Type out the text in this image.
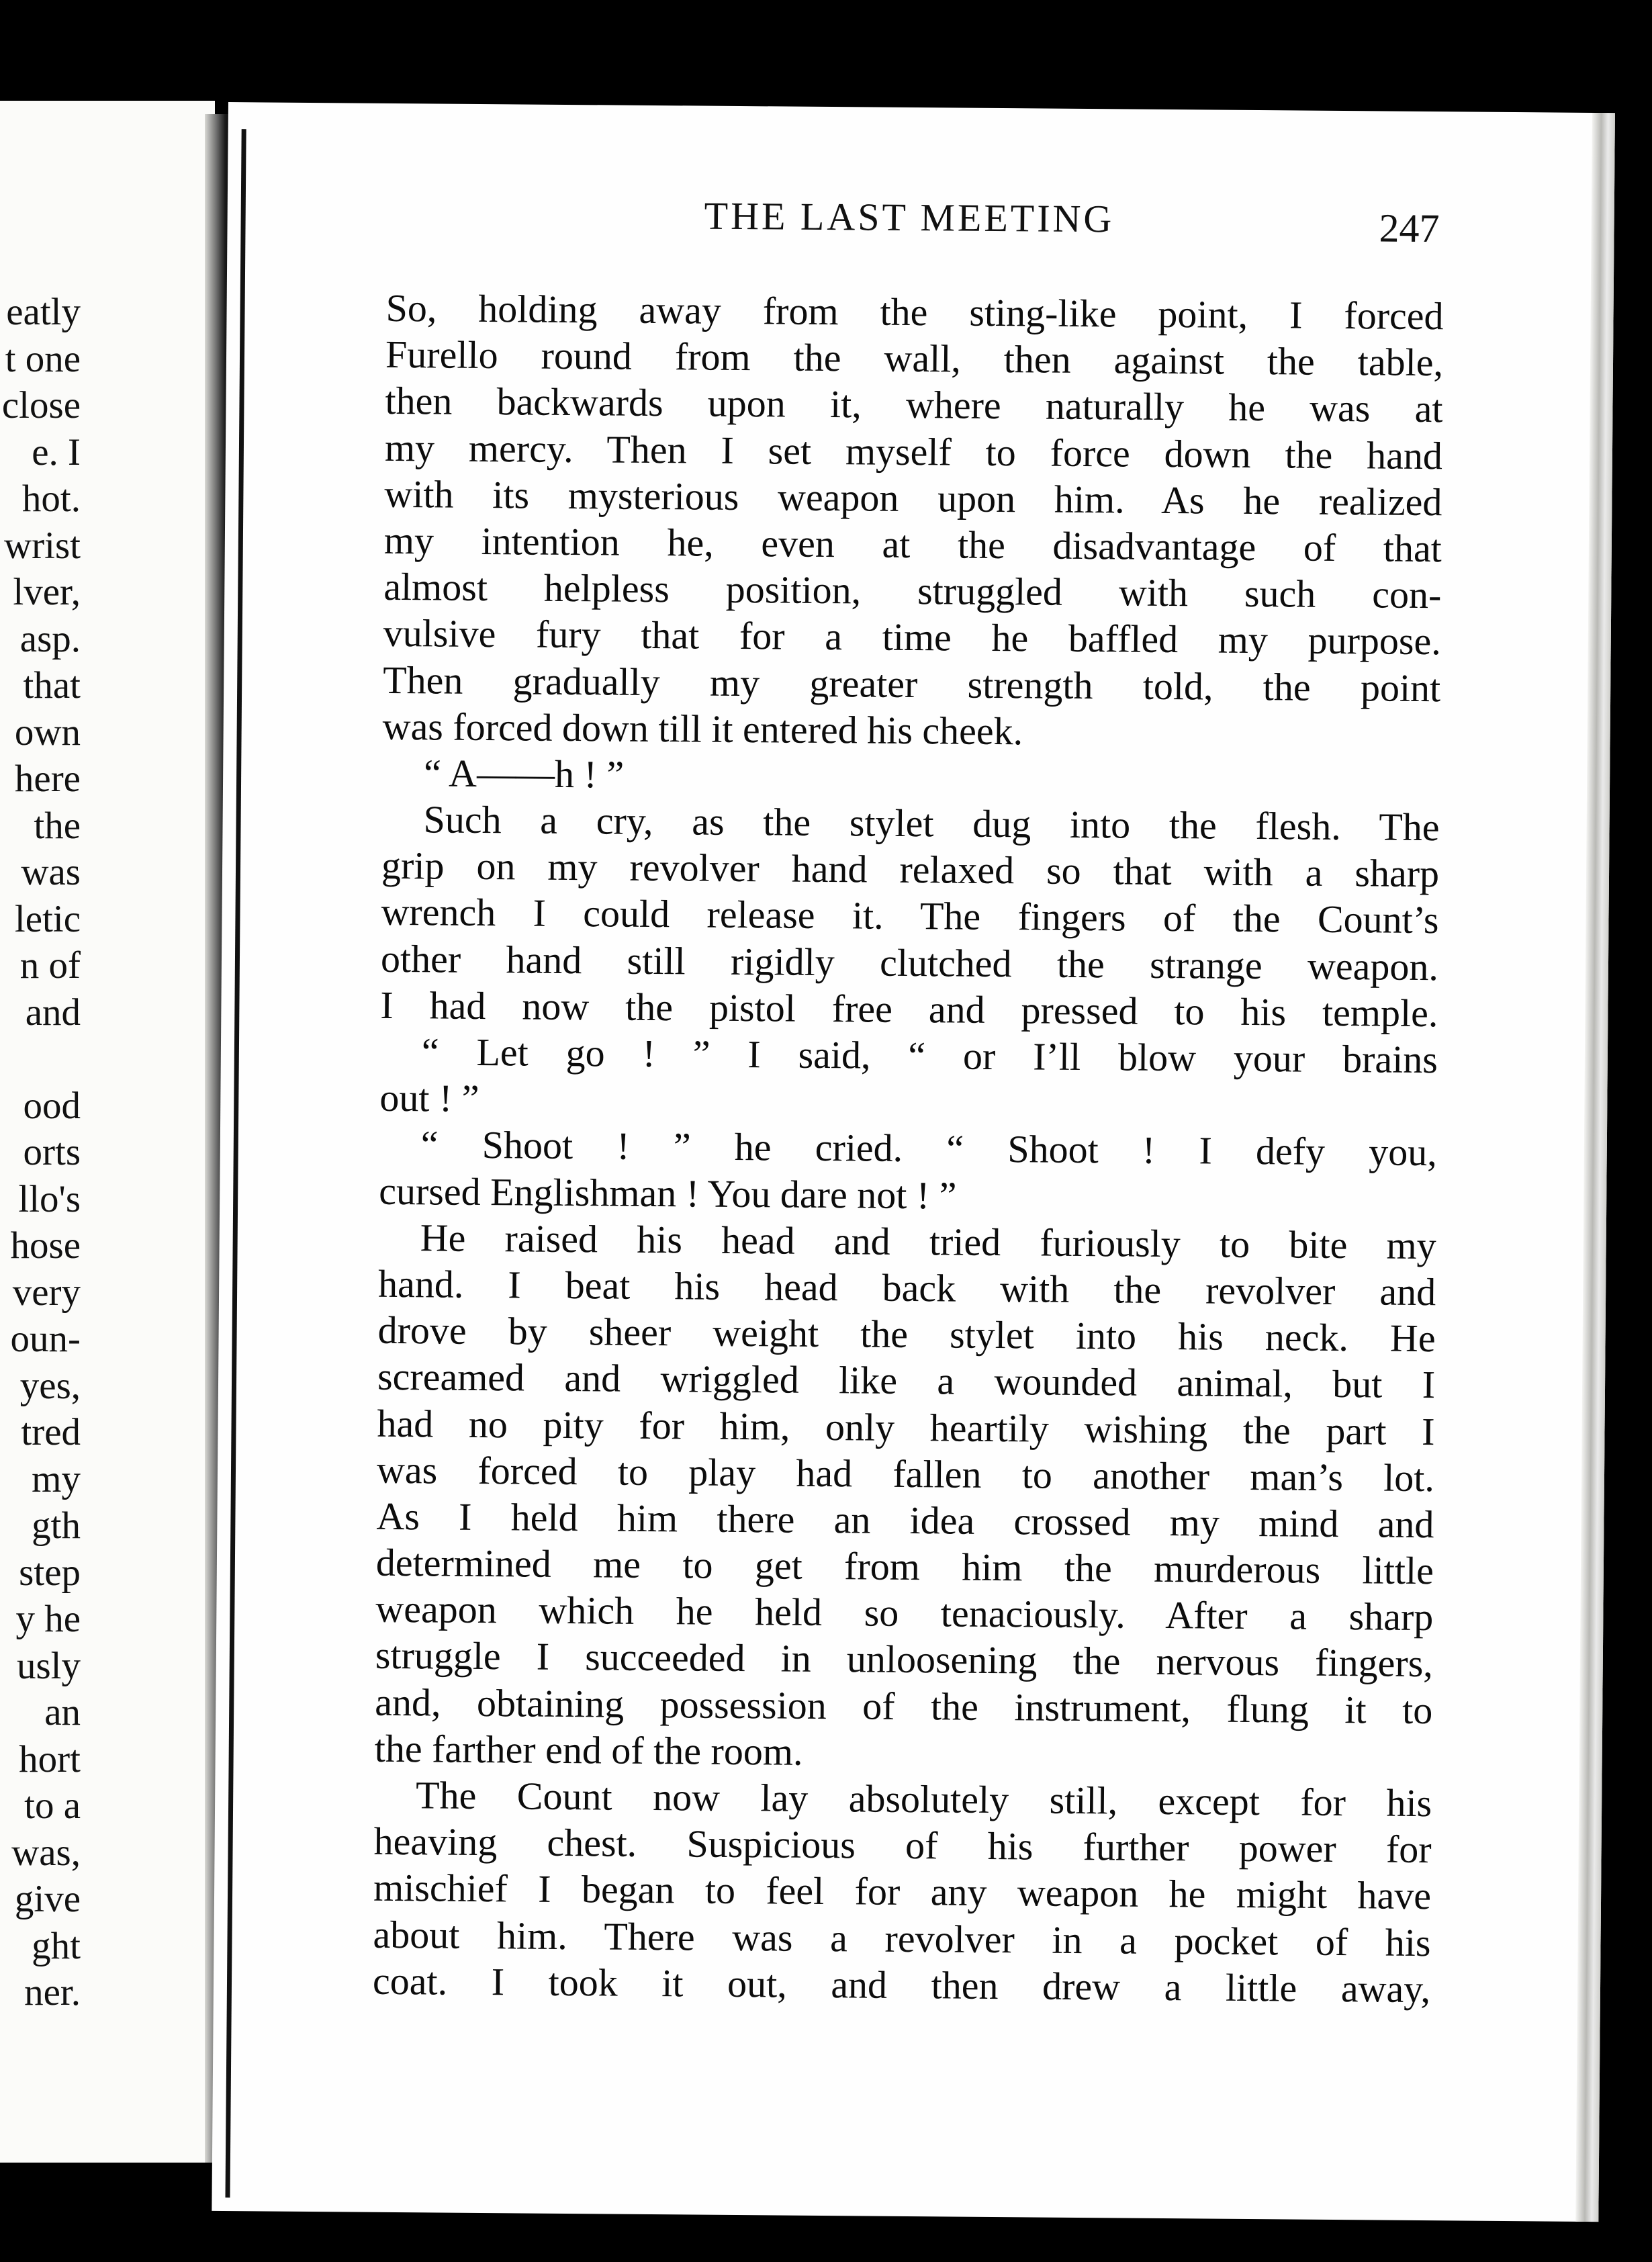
eatly
t one
close
e. I
hot.
wrist
lver,
asp.
that
own
here
the
was
letic
n of
and
ood
orts
llo's
hose
very
oun-
yes,
tred
my
gth
step
y he
usly
an
hort
to a
was,
give
ght
ner.
THE LAST MEETING	247
So, holding away from the sting-like point, I forced
Furello round from the wall, then against the table,
then backwards upon it, where naturally he was at
my mercy. Then I set myself to force down the hand
with its mysterious weapon upon him. As he realized
my intention he, even at the disadvantage of that
almost helpless position, struggled with such con-
vulsive fury that for a time he baffled my purpose.
Then gradually my greater strength told, the point
was forced down till it entered his cheek.
“ A——h ! ”
Such a cry, as the stylet dug into the flesh. The
grip on my revolver hand relaxed so that with a sharp
wrench I could release it. The fingers of the Count’s
other hand still rigidly clutched the strange weapon.
I had now the pistol free and pressed to his temple.
“ Let go ! ” I said, “ or I’ll blow your brains
out ! ”
“ Shoot ! ” he cried. “ Shoot ! I defy you,
cursed Englishman ! You dare not ! ”
He raised his head and tried furiously to bite my
hand. I beat his head back with the revolver and
drove by sheer weight the stylet into his neck. He
screamed and wriggled like a wounded animal, but I
had no pity for him, only heartily wishing the part I
was forced to play had fallen to another man’s lot.
As I held him there an idea crossed my mind and
determined me to get from him the murderous little
weapon which he held so tenaciously. After a sharp
struggle I succeeded in unloosening the nervous fingers,
and, obtaining possession of the instrument, flung it to
the farther end of the room.
The Count now lay absolutely still, except for his
heaving chest. Suspicious of his further power for
mischief I began to feel for any weapon he might have
about him. There was a revolver in a pocket of his
coat. I took it out, and then drew a little away,
